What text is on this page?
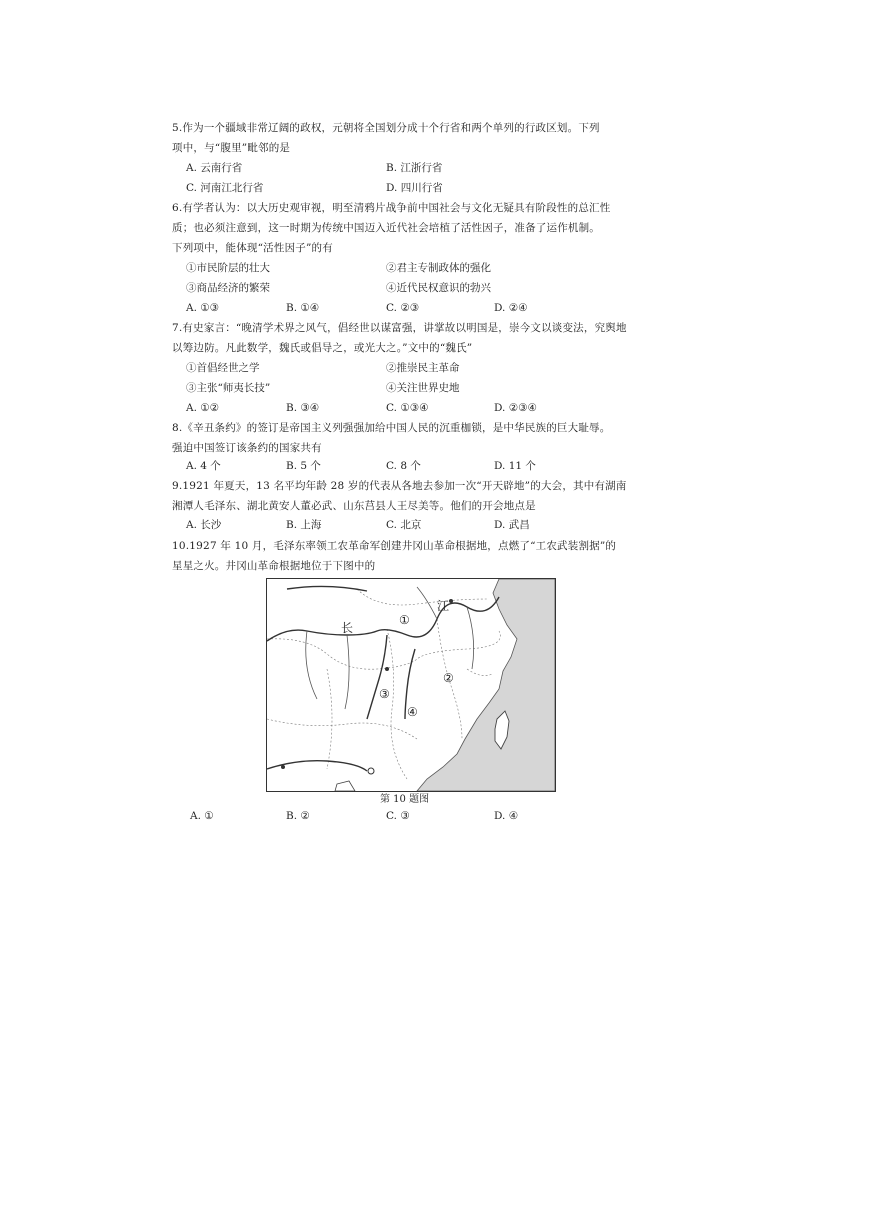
5.作为一个疆域非常辽阔的政权，元朝将全国划分成十个行省和两个单列的行政区划。下列
项中，与“腹里”毗邻的是
A. 云南行省	B. 江浙行省
C. 河南江北行省	D. 四川行省
6.有学者认为：以大历史观审视，明至清鸦片战争前中国社会与文化无疑具有阶段性的总汇性
质；也必须注意到，这一时期为传统中国迈入近代社会培植了活性因子，准备了运作机制。
下列项中，能体现“活性因子”的有
①市民阶层的壮大	②君主专制政体的强化
③商品经济的繁荣	④近代民权意识的勃兴
A. ①③	B. ①④	C. ②③	D. ②④
7.有史家言：“晚清学术界之风气，倡经世以谋富强，讲掌故以明国是，崇今文以谈变法，究舆地
以筹边防。凡此数学，魏氏或倡导之，或光大之。”文中的“魏氏”
①首倡经世之学	②推崇民主革命
③主张“师夷长技”	④关注世界史地
A. ①②	B. ③④	C. ①③④	D. ②③④
8.《辛丑条约》的签订是帝国主义列强强加给中国人民的沉重枷锁，是中华民族的巨大耻辱。
强迫中国签订该条约的国家共有
A. 4 个	B. 5 个	C. 8 个	D. 11 个
9.1921 年夏天，13 名平均年龄 28 岁的代表从各地去参加一次“开天辟地”的大会，其中有湖南
湘潭人毛泽东、湖北黄安人董必武、山东莒县人王尽美等。他们的开会地点是
A. 长沙	B. 上海	C. 北京	D. 武昌
10.1927 年 10 月，毛泽东率领工农革命军创建井冈山革命根据地，点燃了“工农武装割据”的
星星之火。井冈山革命根据地位于下图中的
江
长
①
②
③
④
第 10 题图
A. ①	B. ②	C. ③	D. ④
